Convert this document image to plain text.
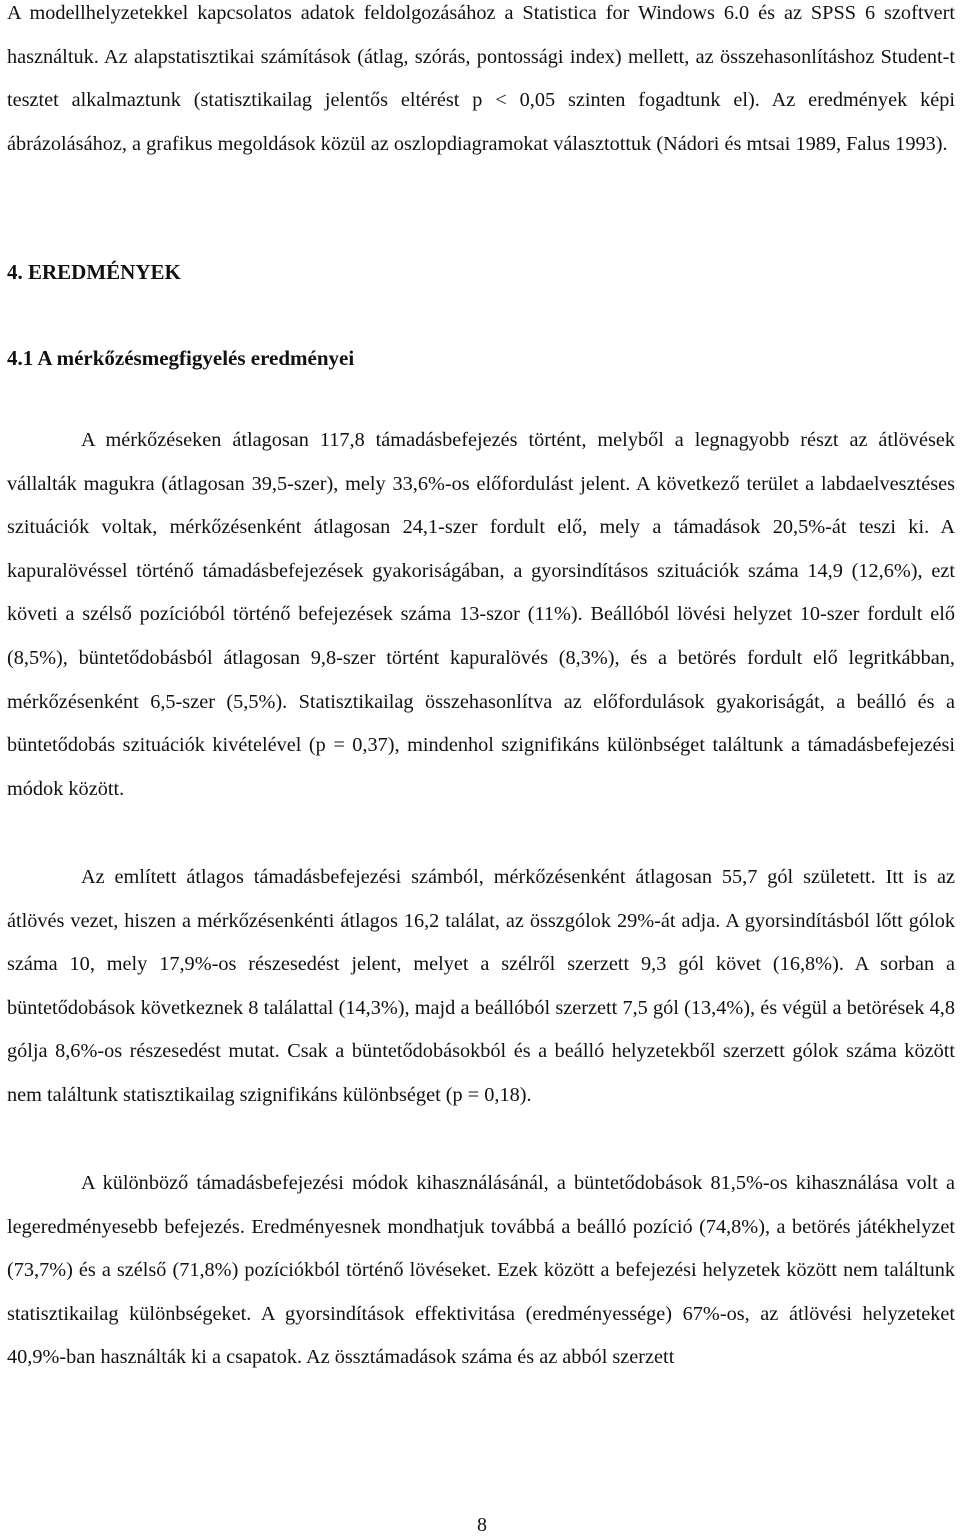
A modellhelyzetekkel kapcsolatos adatok feldolgozásához a Statistica for Windows 6.0 és az SPSS 6 szoftvert használtuk. Az alapstatisztikai számítások (átlag, szórás, pontossági index) mellett, az összehasonlításhoz Student-t tesztet alkalmaztunk (statisztikailag jelentős eltérést p < 0,05 szinten fogadtunk el). Az eredmények képi ábrázolásához, a grafikus megoldások közül az oszlopdiagramokat választottuk (Nádori és mtsai 1989, Falus 1993).

4. EREDMÉNYEK
4.1 A mérkőzésmegfigyelés eredményei

A mérkőzéseken átlagosan 117,8 támadásbefejezés történt, melyből a legnagyobb részt az átlövések vállalták magukra (átlagosan 39,5-szer), mely 33,6%-os előfordulást jelent. A következő terület a labdaelvesztéses szituációk voltak, mérkőzésenként átlagosan 24,1-szer fordult elő, mely a támadások 20,5%-át teszi ki. A kapuralövéssel történő támadásbefejezések gyakoriságában, a gyorsindításos szituációk száma 14,9 (12,6%), ezt követi a szélső pozícióból történő befejezések száma 13-szor (11%). Beállóból lövési helyzet 10-szer fordult elő (8,5%), büntetődobásból átlagosan 9,8-szer történt kapuralövés (8,3%), és a betörés fordult elő legritkábban, mérkőzésenként 6,5-szer (5,5%). Statisztikailag összehasonlítva az előfordulások gyakoriságát, a beálló és a büntetődobás szituációk kivételével (p = 0,37), mindenhol szignifikáns különbséget találtunk a támadásbefejezési módok között.

Az említett átlagos támadásbefejezési számból, mérkőzésenként átlagosan 55,7 gól született. Itt is az átlövés vezet, hiszen a mérkőzésenkénti átlagos 16,2 találat, az összgólok 29%-át adja. A gyorsindításból lőtt gólok száma 10, mely 17,9%-os részesedést jelent, melyet a szélről szerzett 9,3 gól követ (16,8%). A sorban a büntetődobások következnek 8 találattal (14,3%), majd a beállóból szerzett 7,5 gól (13,4%), és végül a betörések 4,8 gólja 8,6%-os részesedést mutat. Csak a büntetődobásokból és a beálló helyzetekből szerzett gólok száma között nem találtunk statisztikailag szignifikáns különbséget (p = 0,18).

A különböző támadásbefejezési módok kihasználásánál, a büntetődobások 81,5%-os kihasználása volt a legeredményesebb befejezés. Eredményesnek mondhatjuk továbbá a beálló pozíció (74,8%), a betörés játékhelyzet (73,7%) és a szélső (71,8%) pozíciókból történő lövéseket. Ezek között a befejezési helyzetek között nem találtunk statisztikailag különbségeket. A gyorsindítások effektivitása (eredményessége) 67%-os, az átlövési helyzeteket 40,9%-ban használták ki a csapatok. Az össztámadások száma és az abból szerzett

8
